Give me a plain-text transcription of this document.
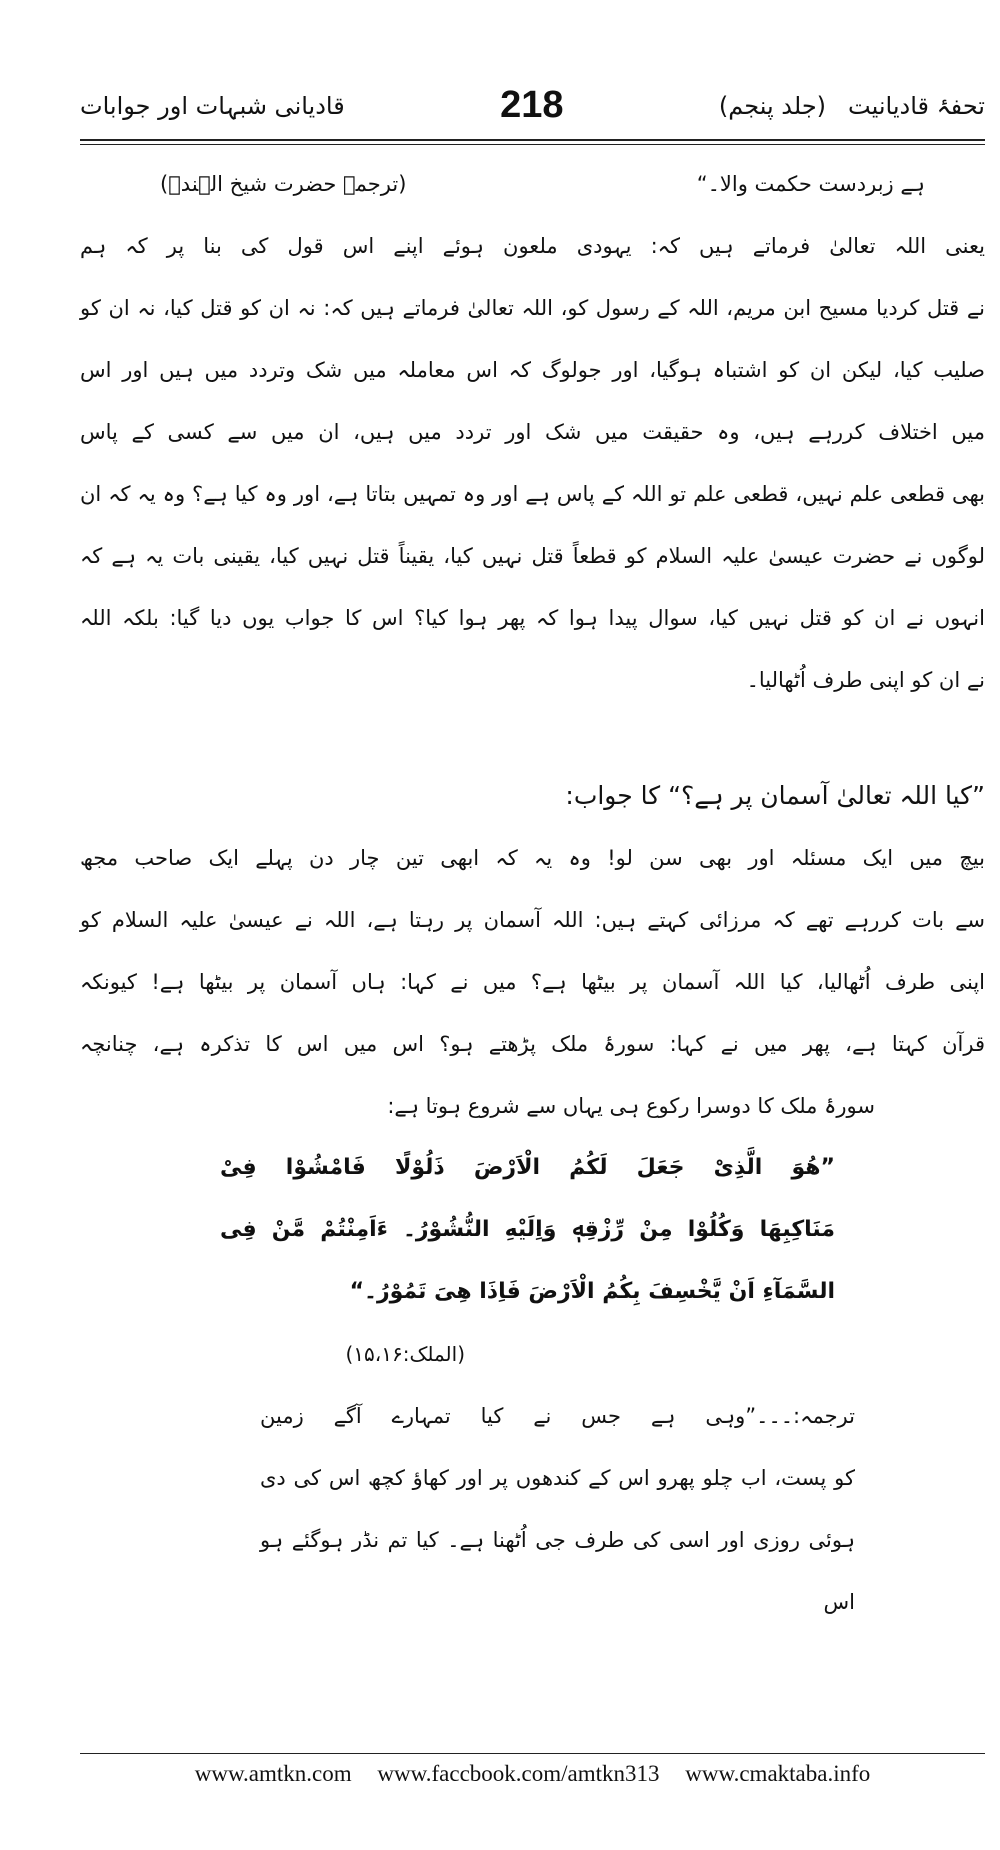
تحفۂ قادیانیت
(جلد پنجم)
218
قادیانی شبہات اور جوابات
ہے زبردست حکمت والا۔“
(ترجمہ حضرت شیخ الہندؒ)
یعنی اللہ تعالیٰ فرماتے ہیں کہ: یہودی ملعون ہوئے اپنے اس قول کی بنا پر کہ ہم
نے قتل کردیا مسیح ابن مریم، اللہ کے رسول کو، اللہ تعالیٰ فرماتے ہیں کہ: نہ ان کو قتل کیا، نہ ان کو
صلیب کیا، لیکن ان کو اشتباہ ہوگیا، اور جولوگ کہ اس معاملہ میں شک وتردد میں ہیں اور اس
میں اختلاف کررہے ہیں، وہ حقیقت میں شک اور تردد میں ہیں، ان میں سے کسی کے پاس
بھی قطعی علم نہیں، قطعی علم تو اللہ کے پاس ہے اور وہ تمہیں بتاتا ہے، اور وہ کیا ہے؟ وہ یہ کہ ان
لوگوں نے حضرت عیسیٰ علیہ السلام کو قطعاً قتل نہیں کیا، یقیناً قتل نہیں کیا، یقینی بات یہ ہے کہ
انہوں نے ان کو قتل نہیں کیا، سوال پیدا ہوا کہ پھر ہوا کیا؟ اس کا جواب یوں دیا گیا: بلکہ اللہ
نے ان کو اپنی طرف اُٹھالیا۔
”کیا اللہ تعالیٰ آسمان پر ہے؟“ کا جواب:
بیچ میں ایک مسئلہ اور بھی سن لو! وہ یہ کہ ابھی تین چار دن پہلے ایک صاحب مجھ
سے بات کررہے تھے کہ مرزائی کہتے ہیں: اللہ آسمان پر رہتا ہے، اللہ نے عیسیٰ علیہ السلام کو
اپنی طرف اُٹھالیا، کیا اللہ آسمان پر بیٹھا ہے؟ میں نے کہا: ہاں آسمان پر بیٹھا ہے! کیونکہ
قرآن کہتا ہے، پھر میں نے کہا: سورۂ ملک پڑھتے ہو؟ اس میں اس کا تذکرہ ہے، چنانچہ
سورۂ ملک کا دوسرا رکوع ہی یہاں سے شروع ہوتا ہے:
”هُوَ الَّذِیْ جَعَلَ لَكُمُ الْاَرْضَ ذَلُوْلًا فَامْشُوْا فِیْ
مَنَاكِبِهَا وَكُلُوْا مِنْ رِّزْقِهٖ وَاِلَیْهِ النُّشُوْرُ۔ ءَاَمِنْتُمْ مَّنْ فِی
السَّمَآءِ اَنْ یَّخْسِفَ بِكُمُ الْاَرْضَ فَاِذَا هِیَ تَمُوْرُ۔“
(الملک:۱۵،۱۶)
ترجمہ:۔۔۔”وہی ہے جس نے کیا تمہارے آگے زمین
کو پست، اب چلو پھرو اس کے کندھوں پر اور کھاؤ کچھ اس کی دی
ہوئی روزی اور اسی کی طرف جی اُٹھنا ہے۔ کیا تم نڈر ہوگئے ہو اس
www.amtkn.com www.faccbook.com/amtkn313 www.cmaktaba.info
